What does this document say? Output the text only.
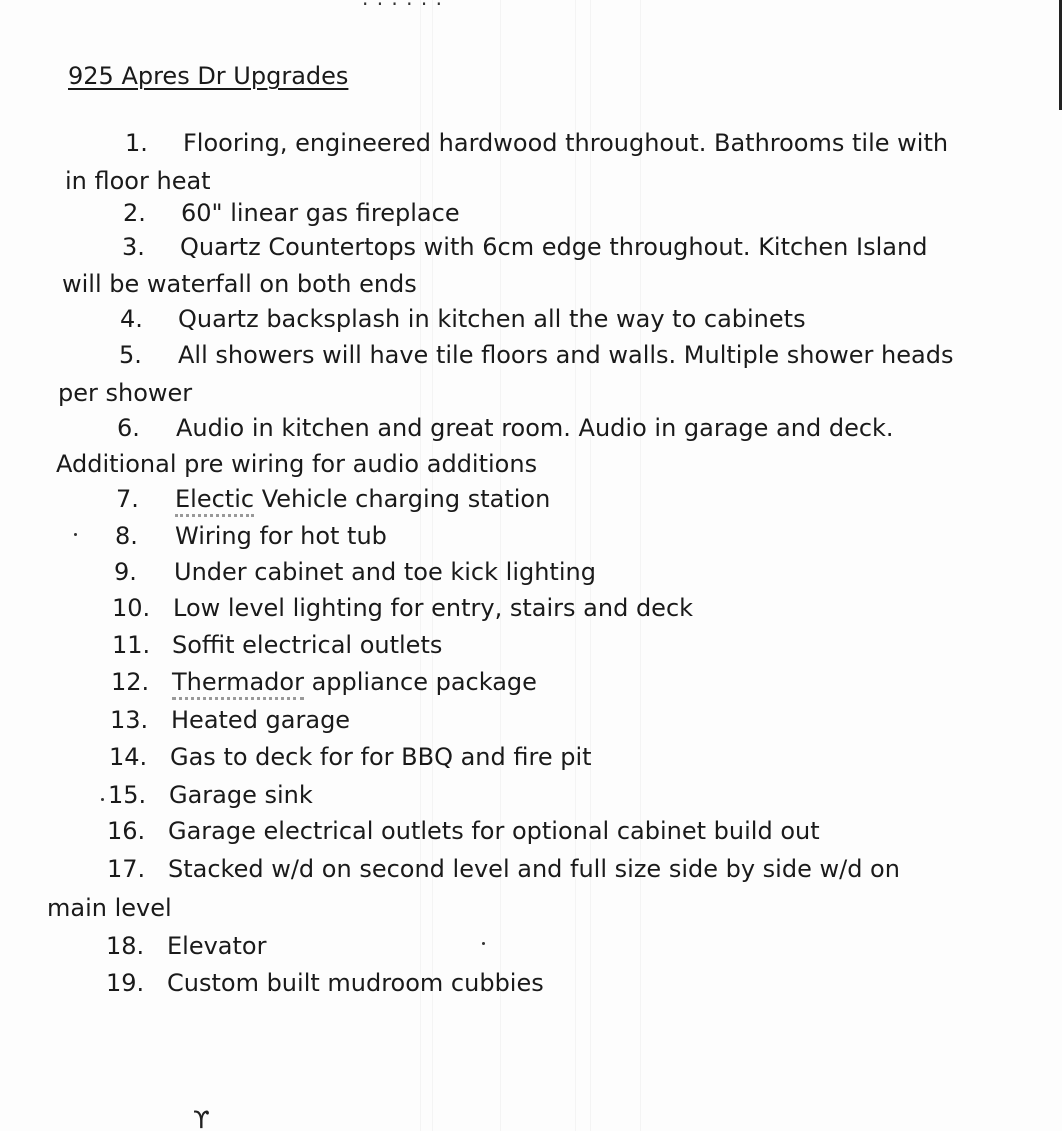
· · · · · ·
925 Apres Dr Upgrades
1. Flooring, engineered hardwood throughout. Bathrooms tile with
in floor heat
2. 60" linear gas fireplace
3. Quartz Countertops with 6cm edge throughout. Kitchen Island
will be waterfall on both ends
4. Quartz backsplash in kitchen all the way to cabinets
5. All showers will have tile floors and walls. Multiple shower heads
per shower
6. Audio in kitchen and great room. Audio in garage and deck.
Additional pre wiring for audio additions
7. Electic Vehicle charging station
8. Wiring for hot tub
9. Under cabinet and toe kick lighting
10. Low level lighting for entry, stairs and deck
11. Soffit electrical outlets
12. Thermador appliance package
13. Heated garage
14. Gas to deck for for BBQ and fire pit
15. Garage sink
16. Garage electrical outlets for optional cabinet build out
17. Stacked w/d on second level and full size side by side w/d on
main level
18. Elevator
19. Custom built mudroom cubbies
ϒ
